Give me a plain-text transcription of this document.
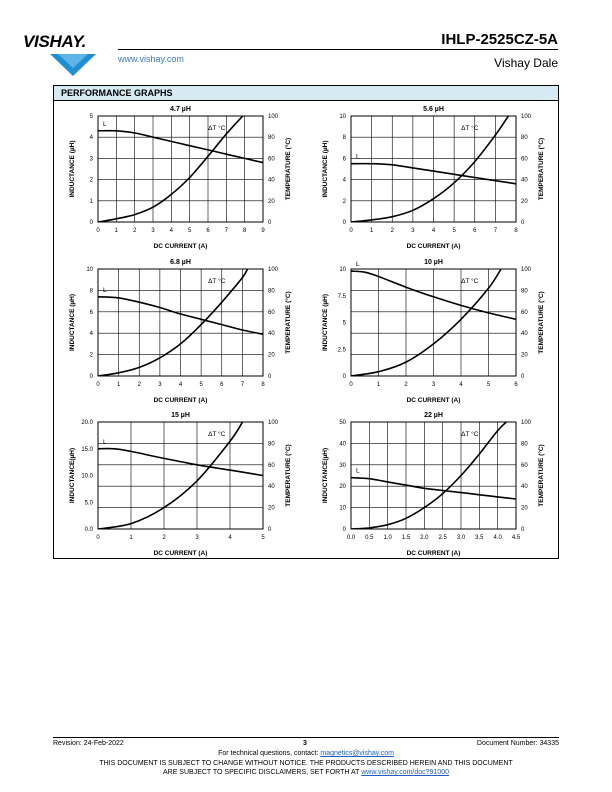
VISHAY.
www.vishay.com
IHLP-2525CZ-5A
Vishay Dale
PERFORMANCE GRAPHS
4.7 µH
0 1 2 3 4 5 6 7 8 9
0
1
2
3
4
5
0
20
40
60
80
100
DC CURRENT (A)
INDUCTANCE (µH)	TEMPERATURE (°C)
L
ΔT °C
5.6 µH
0	1	2	3	4	5	6	7	8
0
2
4
6
8
10
0
20
40
60
80
100
DC CURRENT (A)
INDUCTANCE (µH)	TEMPERATURE (°C)
L
ΔT °C
6.8 µH
0	1	2	3	4	5	6	7	8
0
2
4
6
8
10
0
20
40
60
80
100
DC CURRENT (A)
INDUCTANCE (µH)	TEMPERATURE (°C)
L
ΔT °C
10 µH
0	1	2	3	4	5	6
0
2.5
5
7.5
10
0
20
40
60
80
100
DC CURRENT (A)
INDUCTANCE (µH)	TEMPERATURE (°C)
L
ΔT °C
15 µH
0	1	2	3	4	5
0.0
5.0
10.0
15.0
20.0
0
20
40
60
80
100
DC CURRENT (A)
INDUCTANCE(µH)	TEMPERATURE (°C)
L
ΔT °C
22 µH
0.0 0.5 1.0 1.5 2.0 2.5 3.0 3.5 4.0 4.5
0
10
20
30
40
50
0
20
40
60
80
100
DC CURRENT (A)
INDUCTANCE(µH)	TEMPERATURE (°C)
L
ΔT °C
Revision: 24-Feb-2022	3	Document Number: 34335
For technical questions, contact: magnetics@vishay.com
THIS DOCUMENT IS SUBJECT TO CHANGE WITHOUT NOTICE. THE PRODUCTS DESCRIBED HEREIN AND THIS DOCUMENT
ARE SUBJECT TO SPECIFIC DISCLAIMERS, SET FORTH AT www.vishay.com/doc?91000
